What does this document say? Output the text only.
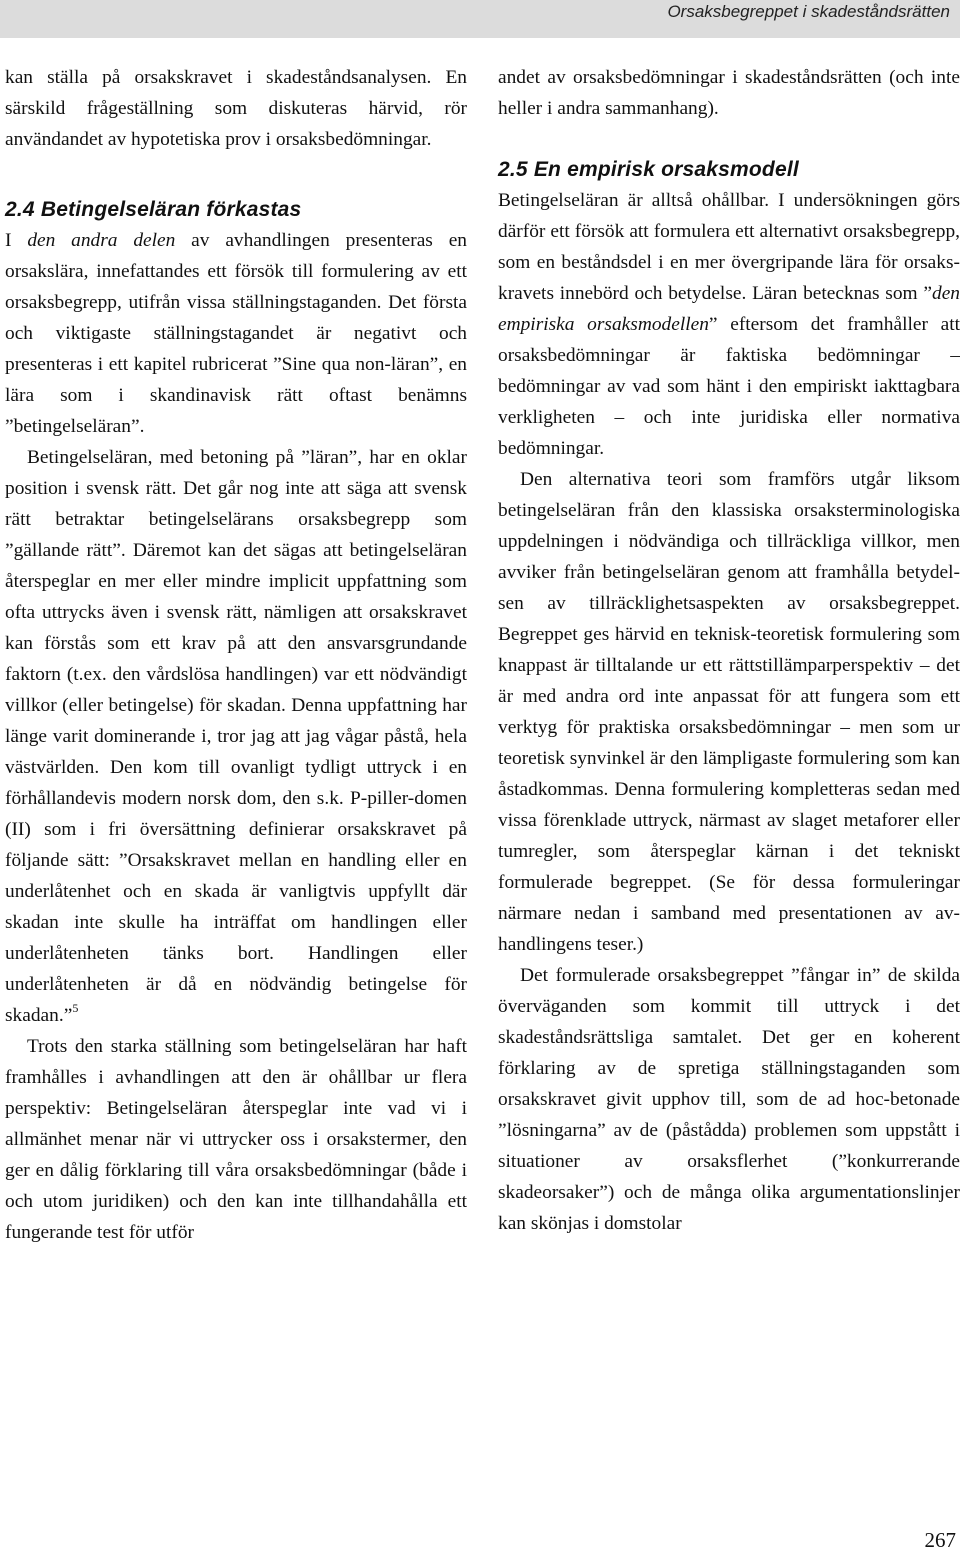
Orsaksbegreppet i skadeståndsrätten

kan ställa på orsakskravet i skadeståndsanalysen. En särskild frågeställning som diskuteras härvid, rör användandet av hypotetiska prov i orsaksbedömningar.

2.4 Betingelseläran förkastas

I den andra delen av avhandlingen presenteras en orsakslära, innefattandes ett försök till formulering av ett orsaksbegrepp, utifrån vissa ställningstaganden. Det första och viktigaste ställningstagandet är negativt och presenteras i ett kapitel rubricerat ”Sine qua non-läran”, en lära som i skandinavisk rätt oftast benämns ”betingelseläran”.

Betingelseläran, med betoning på ”läran”, har en oklar position i svensk rätt. Det går nog inte att säga att svensk rätt betraktar betingelselärans orsaksbegrepp som ”gällande rätt”. Däremot kan det sägas att betingelseläran återspeglar en mer eller mindre implicit uppfattning som ofta uttrycks även i svensk rätt, nämligen att orsakskravet kan förstås som ett krav på att den ansvarsgrundande faktorn (t.ex. den vårdslösa handlingen) var ett nödvändigt villkor (eller betingelse) för skadan. Denna uppfattning har länge varit dominerande i, tror jag att jag vågar påstå, hela västvärlden. Den kom till ovanligt tydligt uttryck i en förhållandevis modern norsk dom, den s.k. P-piller-domen (II) som i fri översättning definierar orsakskravet på följande sätt: ”Orsakskravet mellan en handling eller en underlåtenhet och en skada är vanligtvis uppfyllt där skadan inte skulle ha inträffat om handlingen eller underlåtenheten tänks bort. Handlingen eller underlåtenheten är då en nödvändig betingelse för skadan.”$^5$

Trots den starka ställning som betingelseläran har haft framhålles i avhandlingen att den är ohållbar ur flera perspektiv: Betingelseläran återspeglar inte vad vi i allmänhet menar när vi uttrycker oss i orsakstermer, den ger en dålig förklaring till våra orsaksbedömningar (både i och utom juridiken) och den kan inte tillhandahålla ett fungerande test för utför

andet av orsaksbedömningar i skadeståndsrätten (och inte heller i andra sammanhang).

2.5 En empirisk orsaksmodell

Betingelseläran är alltså ohållbar. I undersökningen görs därför ett försök att formulera ett alternativt orsaksbegrepp, som en beståndsdel i en mer övergripande lära för orsakskravets innebörd och betydelse. Läran betecknas som ”den empiriska orsaksmodellen” eftersom det framhåller att orsaksbedömningar är faktiska bedömningar – bedömningar av vad som hänt i den empiriskt iakttagbara verkligheten – och inte juridiska eller normativa bedömningar.

Den alternativa teori som framförs utgår liksom betingelseläran från den klassiska orsaksterminologiska uppdelningen i nödvändiga och tillräckliga villkor, men avviker från betingelseläran genom att framhålla betydelsen av tillräcklighetsaspekten av orsaksbegreppet. Begreppet ges härvid en teknisk-teoretisk formulering som knappast är tilltalande ur ett rättstillämparperspektiv – det är med andra ord inte anpassat för att fungera som ett verktyg för praktiska orsaksbedömningar – men som ur teoretisk synvinkel är den lämpligaste formulering som kan åstadkommas. Denna formulering kompletteras sedan med vissa förenklade uttryck, närmast av slaget metaforer eller tumregler, som återspeglar kärnan i det tekniskt formulerade begreppet. (Se för dessa formuleringar närmare nedan i samband med presentationen av avhandlingens teser.)

Det formulerade orsaksbegreppet ”fångar in” de skilda överväganden som kommit till uttryck i det skadeståndsrättsliga samtalet. Det ger en koherent förklaring av de spretiga ställningstaganden som orsakskravet givit upphov till, som de ad hoc-betonade ”lösningarna” av de (påstådda) problemen som uppstått i situationer av orsaksflerhet (”konkurrerande skadeorsaker”) och de många olika argumentationslinjer kan skönjas i domstolar

267
